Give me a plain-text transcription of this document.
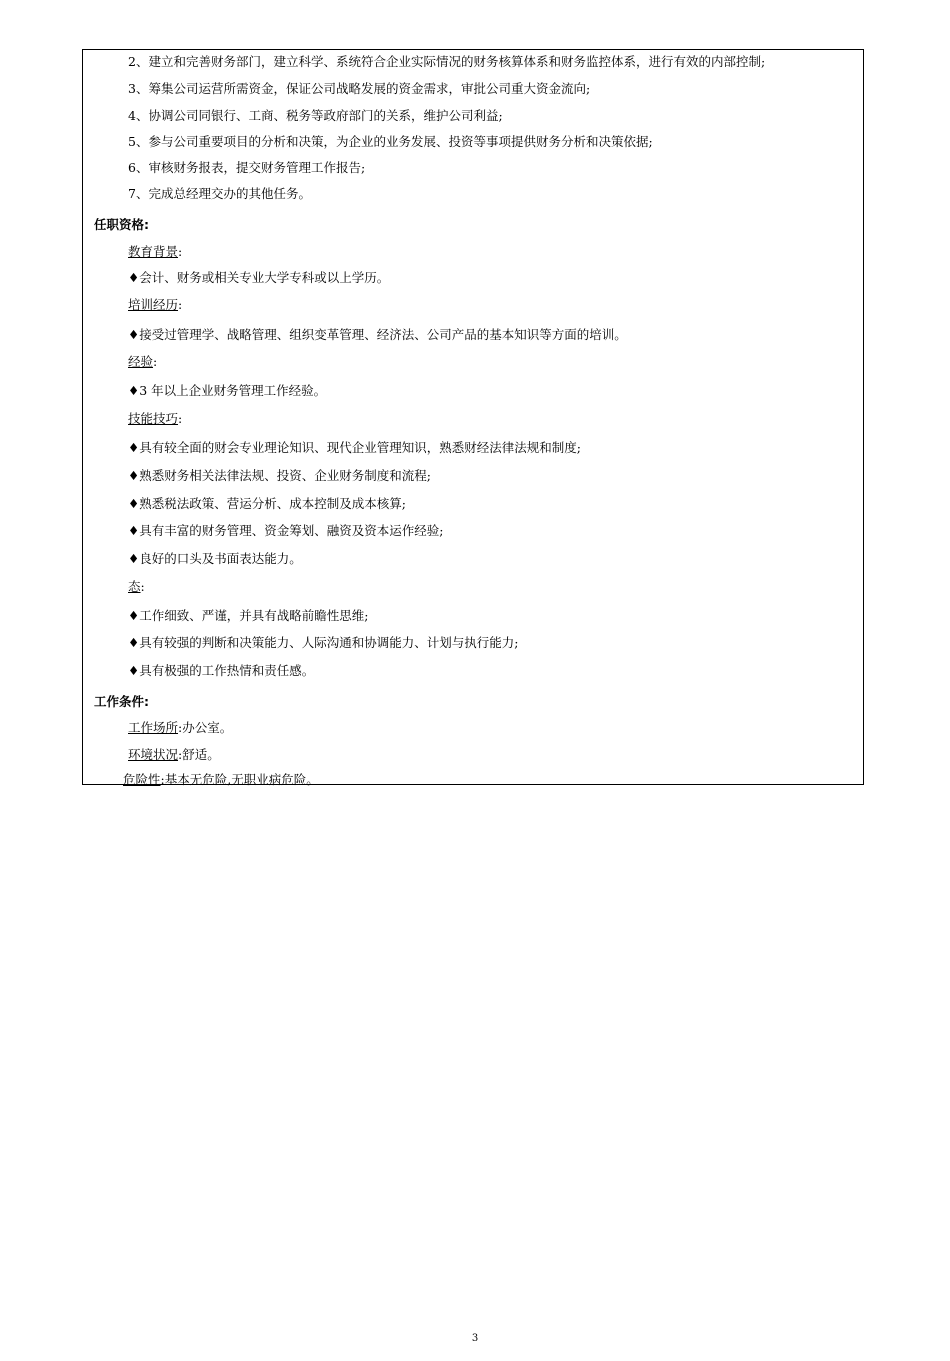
2、建立和完善财务部门，建立科学、系统符合企业实际情况的财务核算体系和财务监控体系，进行有效的内部控制;
3、筹集公司运营所需资金，保证公司战略发展的资金需求，审批公司重大资金流向;
4、协调公司同银行、工商、税务等政府部门的关系，维护公司利益;
5、参与公司重要项目的分析和决策，为企业的业务发展、投资等事项提供财务分析和决策依据;
6、审核财务报表，提交财务管理工作报告;
7、完成总经理交办的其他任务。
任职资格:
教育背景:
♦会计、财务或相关专业大学专科或以上学历。
培训经历:
♦接受过管理学、战略管理、组织变革管理、经济法、公司产品的基本知识等方面的培训。
经验:
♦3 年以上企业财务管理工作经验。
技能技巧:
♦具有较全面的财会专业理论知识、现代企业管理知识，熟悉财经法律法规和制度;
♦熟悉财务相关法律法规、投资、企业财务制度和流程;
♦熟悉税法政策、营运分析、成本控制及成本核算;
♦具有丰富的财务管理、资金筹划、融资及资本运作经验;
♦良好的口头及书面表达能力。
态:
♦工作细致、严谨，并具有战略前瞻性思维;
♦具有较强的判断和决策能力、人际沟通和协调能力、计划与执行能力;
♦具有极强的工作热情和责任感。
工作条件:
工作场所:办公室。
环境状况:舒适。
危险性:基本无危险,无职业病危险。
3
